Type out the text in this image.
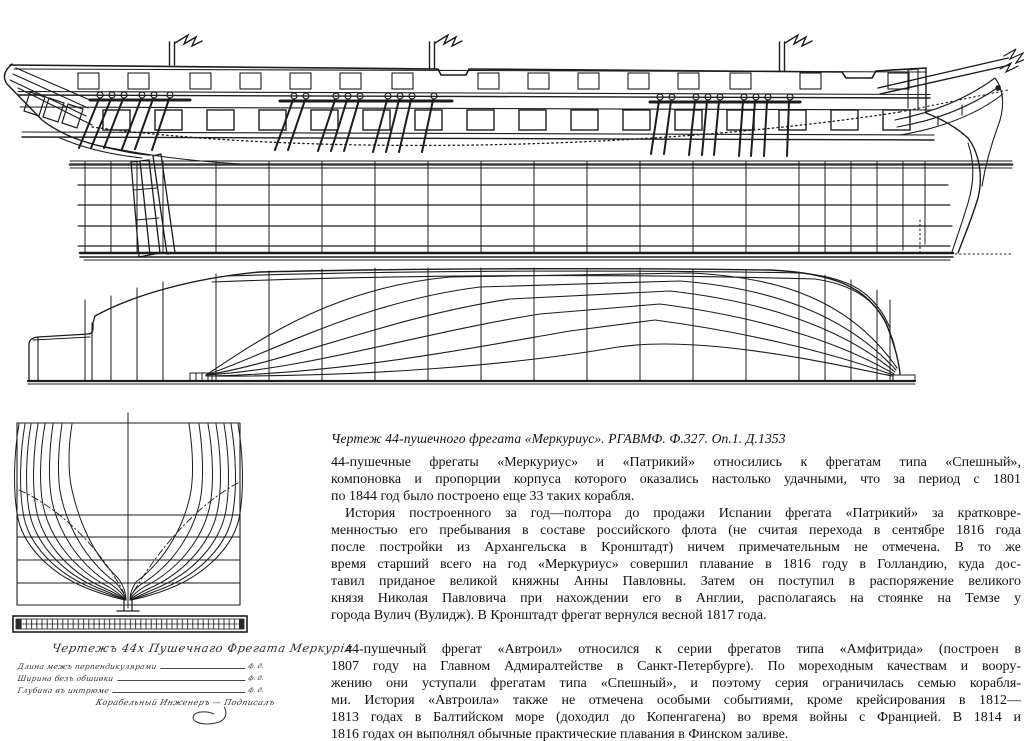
Чертежъ 44х Пушечнаго Фрегата Меркурія
Длина межъ перпендикулярами	ф. д.
Ширина безъ обшивки	ф. д.
Глубина въ интрюме	ф. д.
Корабельный Инженеръ — Подписалъ
Чертеж 44-пушечного фрегата «Меркуриус». РГАВМФ. Ф.327. Оп.1. Д.1353
44-пушечные фрегаты «Меркуриус» и «Патрикий» относились к фрегатам типа «Спешный»,
компоновка и пропорции корпуса которого оказались настолько удачными, что за период с 1801
по 1844 год было построено еще 33 таких корабля.
 История построенного за год—полтора до продажи Испании фрегата «Патрикий» за кратковре-
менностью его пребывания в составе российского флота (не считая перехода в сентябре 1816 года
после постройки из Архангельска в Кронштадт) ничем примечательным не отмечена. В то же
время старший всего на год «Меркуриус» совершил плавание в 1816 году в Голландию, куда дос-
тавил приданое великой княжны Анны Павловны. Затем он поступил в распоряжение великого
князя Николая Павловича при нахождении его в Англии, располагаясь на стоянке на Темзе у
города Вулич (Вулидж). В Кронштадт фрегат вернулся весной 1817 года.
 44-пушечный фрегат «Автроил» относился к серии фрегатов типа «Амфитрида» (построен в
1807 году на Главном Адмиралтействе в Санкт-Петербурге). По мореходным качествам и воору-
жению они уступали фрегатам типа «Спешный», и поэтому серия ограничилась семью корабля-
ми. История «Автроила» также не отмечена особыми событиями, кроме крейсирования в 1812—
1813 годах в Балтийском море (доходил до Копенгагена) во время войны с Францией. В 1814 и
1816 годах он выполнял обычные практические плавания в Финском заливе.
